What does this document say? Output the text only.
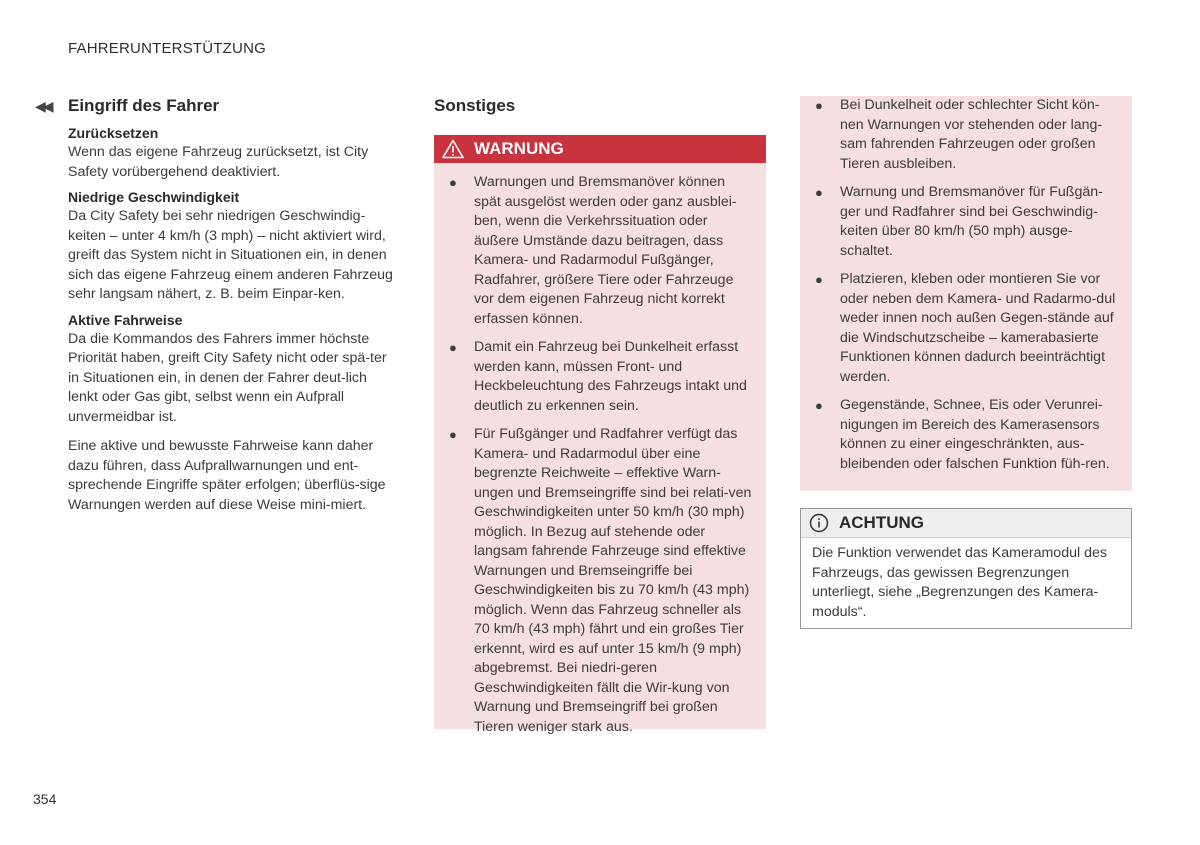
FAHRERUNTERSTÜTZUNG
◀◀ Eingriff des Fahrer
Zurücksetzen

Wenn das eigene Fahrzeug zurücksetzt, ist City Safety vorübergehend deaktiviert.

Niedrige Geschwindigkeit

Da City Safety bei sehr niedrigen Geschwindig-keiten – unter 4 km/h (3 mph) – nicht aktiviert wird, greift das System nicht in Situationen ein, in denen sich das eigene Fahrzeug einem anderen Fahrzeug sehr langsam nähert, z. B. beim Einpar-ken.

Aktive Fahrweise

Da die Kommandos des Fahrers immer höchste Priorität haben, greift City Safety nicht oder spä-ter in Situationen ein, in denen der Fahrer deut-lich lenkt oder Gas gibt, selbst wenn ein Aufprall unvermeidbar ist.

Eine aktive und bewusste Fahrweise kann daher dazu führen, dass Aufprallwarnungen und ent-sprechende Eingriffe später erfolgen; überflüs-sige Warnungen werden auf diese Weise mini-miert.

Sonstiges
WARNUNG
● Warnungen und Bremsmanöver können spät ausgelöst werden oder ganz ausblei-ben, wenn die Verkehrssituation oder äußere Umstände dazu beitragen, dass Kamera- und Radarmodul Fußgänger, Radfahrer, größere Tiere oder Fahrzeuge vor dem eigenen Fahrzeug nicht korrekt erfassen können.
● Damit ein Fahrzeug bei Dunkelheit erfasst werden kann, müssen Front- und Heckbeleuchtung des Fahrzeugs intakt und deutlich zu erkennen sein.
● Für Fußgänger und Radfahrer verfügt das Kamera- und Radarmodul über eine begrenzte Reichweite – effektive Warn-ungen und Bremseingriffe sind bei relati-ven Geschwindigkeiten unter 50 km/h (30 mph) möglich. In Bezug auf stehende oder langsam fahrende Fahrzeuge sind effektive Warnungen und Bremseingriffe bei Geschwindigkeiten bis zu 70 km/h (43 mph) möglich. Wenn das Fahrzeug schneller als 70 km/h (43 mph) fährt und ein großes Tier erkennt, wird es auf unter 15 km/h (9 mph) abgebremst. Bei niedri-geren Geschwindigkeiten fällt die Wir-kung von Warnung und Bremseingriff bei großen Tieren weniger stark aus.
● Bei Dunkelheit oder schlechter Sicht kön-nen Warnungen vor stehenden oder lang-sam fahrenden Fahrzeugen oder großen Tieren ausbleiben.
● Warnung und Bremsmanöver für Fußgän-ger und Radfahrer sind bei Geschwindig-keiten über 80 km/h (50 mph) ausge-schaltet.
● Platzieren, kleben oder montieren Sie vor oder neben dem Kamera- und Radarmo-dul weder innen noch außen Gegen-stände auf die Windschutzscheibe – kamerabasierte Funktionen können dadurch beeinträchtigt werden.
● Gegenstände, Schnee, Eis oder Verunrei-nigungen im Bereich des Kamerasensors können zu einer eingeschränkten, aus-bleibenden oder falschen Funktion füh-ren.
ACHTUNG
Die Funktion verwendet das Kameramodul des Fahrzeugs, das gewissen Begrenzungen unterliegt, siehe „Begrenzungen des Kamera-moduls“.
354
